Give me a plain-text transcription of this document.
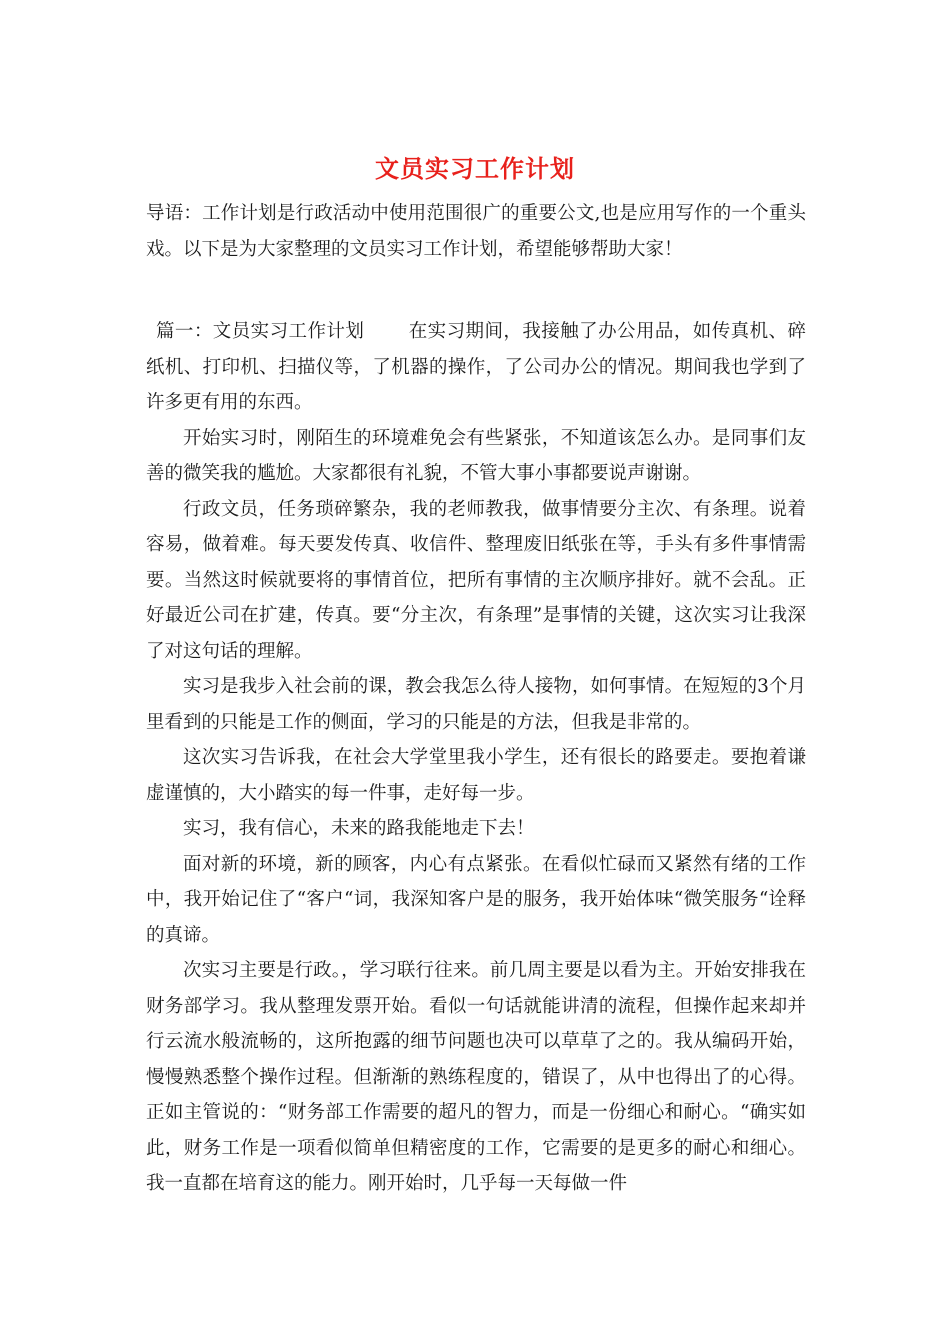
文员实习工作计划

导语：工作计划是行政活动中使用范围很广的重要公文,也是应用写作的一个重头戏。以下是为大家整理的文员实习工作计划，希望能够帮助大家！

篇一：文员实习工作计划 在实习期间，我接触了办公用品，如传真机、碎纸机、打印机、扫描仪等，了机器的操作，了公司办公的情况。期间我也学到了许多更有用的东西。

开始实习时，刚陌生的环境难免会有些紧张，不知道该怎么办。是同事们友善的微笑我的尴尬。大家都很有礼貌，不管大事小事都要说声谢谢。

行政文员，任务琐碎繁杂，我的老师教我，做事情要分主次、有条理。说着容易，做着难。每天要发传真、收信件、整理废旧纸张在等，手头有多件事情需要。当然这时候就要将的事情首位，把所有事情的主次顺序排好。就不会乱。正好最近公司在扩建，传真。要“分主次，有条理”是事情的关键，这次实习让我深了对这句话的理解。

实习是我步入社会前的课，教会我怎么待人接物，如何事情。在短短的3个月里看到的只能是工作的侧面，学习的只能是的方法，但我是非常的。

这次实习告诉我，在社会大学堂里我小学生，还有很长的路要走。要抱着谦虚谨慎的，大小踏实的每一件事，走好每一步。

实习，我有信心，未来的路我能地走下去！

面对新的环境，新的顾客，内心有点紧张。在看似忙碌而又紧然有绪的工作中，我开始记住了“客户“词，我深知客户是的服务，我开始体味“微笑服务“诠释的真谛。

次实习主要是行政。，学习联行往来。前几周主要是以看为主。开始安排我在财务部学习。我从整理发票开始。看似一句话就能讲清的流程，但操作起来却并行云流水般流畅的，这所抱露的细节问题也决可以草草了之的。我从编码开始，慢慢熟悉整个操作过程。但渐渐的熟练程度的，错误了，从中也得出了的心得。正如主管说的：“财务部工作需要的超凡的智力，而是一份细心和耐心。“确实如此，财务工作是一项看似简单但精密度的工作，它需要的是更多的耐心和细心。我一直都在培育这的能力。刚开始时，几乎每一天每做一件
